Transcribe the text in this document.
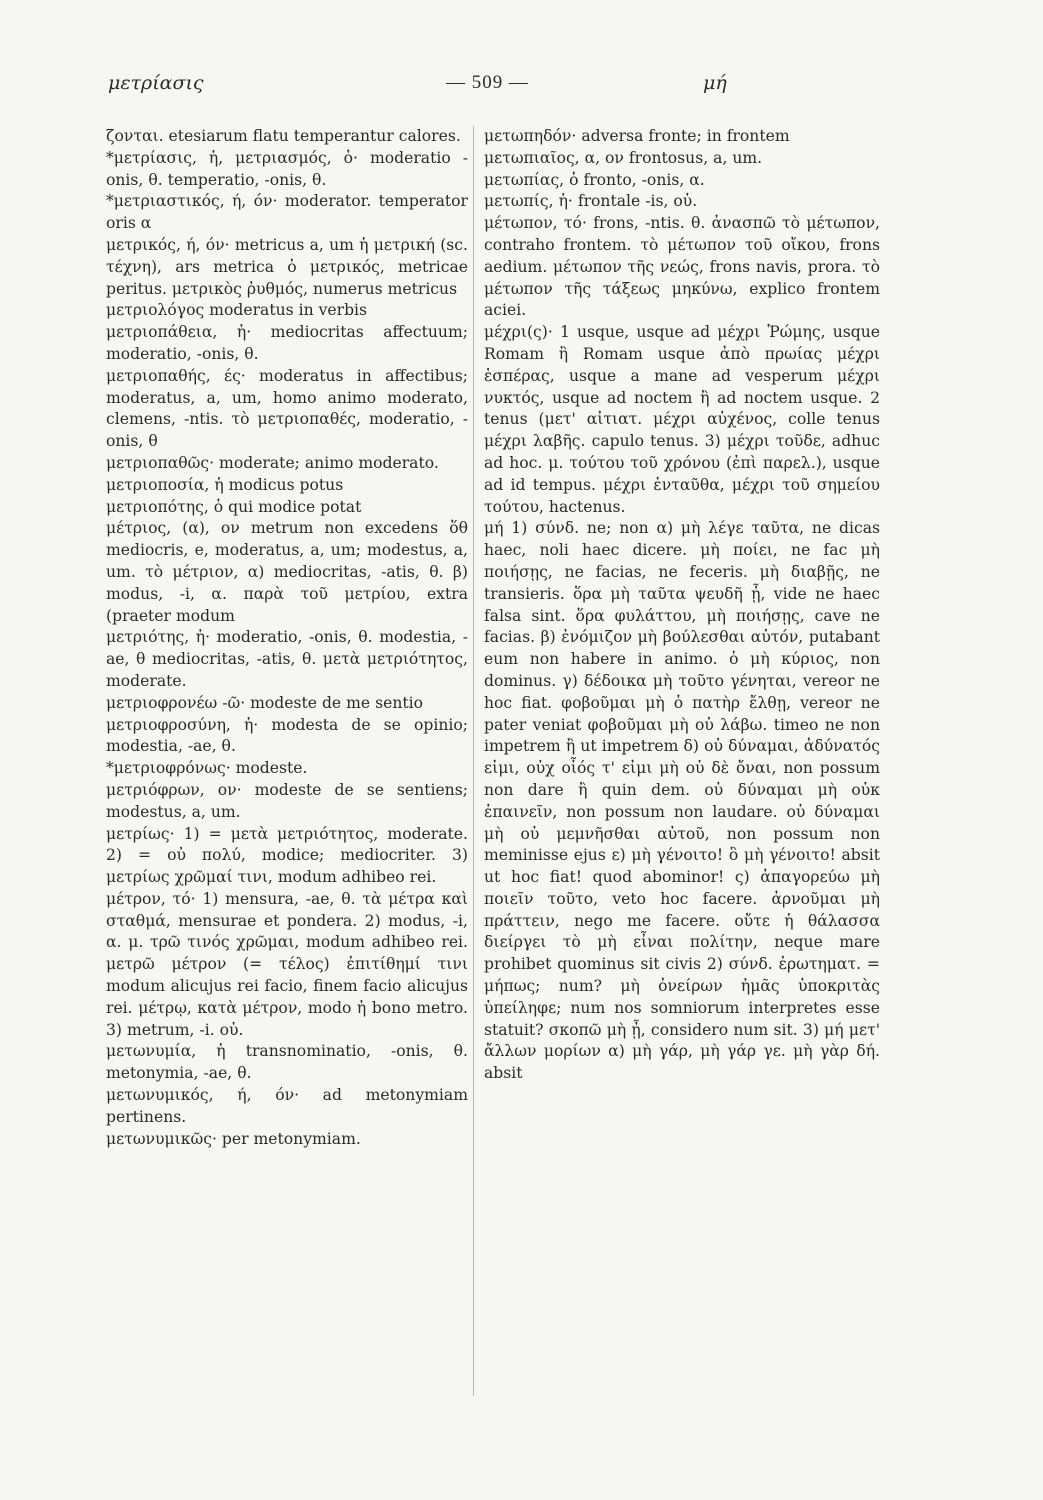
μετρίασις	— 509 —	μή

ζονται. etesiarum flatu temperantur calores.

*μετρίασις, ἡ, μετριασμός, ὁ· moderatio -onis, θ. temperatio, -onis, θ.

*μετριαστικός, ή, όν· moderator. temperator oris α

μετρικός, ή, όν· metricus a, um ἡ μετρική (sc. τέχνη), ars metrica ὁ μετρικός, metricae peritus. μετρικὸς ῥυθμός, numerus metricus

μετριολόγος moderatus in verbis

μετριοπάθεια, ἡ· mediocritas affectuum; moderatio, -onis, θ.

μετριοπαθής, ές· moderatus in affectibus; moderatus, a, um, homo animo moderato, clemens, -ntis. τὸ μετριοπαθές, moderatio, -onis, θ

μετριοπαθῶς· moderate; animo moderato.

μετριοποσία, ἡ modicus potus

μετριοπότης, ὁ qui modice potat

μέτριος, (α), ον metrum non excedens ὅθ mediocris, e, moderatus, a, um; modestus, a, um. τὸ μέτριον, α) mediocritas, -atis, θ. β) modus, -i, α. παρὰ τοῦ μετρίου, extra (praeter modum

μετριότης, ἡ· moderatio, -onis, θ. modestia, -ae, θ mediocritas, -atis, θ. μετὰ μετριότητος, moderate.

μετριοφρονέω -ῶ· modeste de me sentio

μετριοφροσύνη, ἡ· modesta de se opinio; modestia, -ae, θ.

*μετριοφρόνως· modeste.

μετριόφρων, ον· modeste de se sentiens; modestus, a, um.

μετρίως· 1) = μετὰ μετριότητος, moderate. 2) = οὐ πολύ, modice; mediocriter. 3) μετρίως χρῶμαί τινι, modum adhibeo rei.

μέτρον, τό· 1) mensura, -ae, θ. τὰ μέτρα καὶ σταθμά, mensurae et pondera. 2) modus, -i, α. μ. τρῶ τινός χρῶμαι, modum adhibeo rei. μετρῶ μέτρον (= τέλος) ἐπιτίθημί τινι modum alicujus rei facio, finem facio alicujus rei. μέτρῳ, κατὰ μέτρον, modo ἡ bono metro. 3) metrum, -i. οὐ.

μετωνυμία, ἡ transnominatio, -onis, θ. metonymia, -ae, θ.

μετωνυμικός, ή, όν· ad metonymiam pertinens.

μετωνυμικῶς· per metonymiam.

μετωπηδόν· adversa fronte; in frontem

μετωπιαῖος, α, ον frontosus, a, um.

μετωπίας, ὁ fronto, -onis, α.

μετωπίς, ἡ· frontale -is, οὐ.

μέτωπον, τό· frons, -ntis. θ. ἀνασπῶ τὸ μέτωπον, contraho frontem. τὸ μέτωπον τοῦ οἴκου, frons aedium. μέτωπον τῆς νεώς, frons navis, prora. τὸ μέτωπον τῆς τάξεως μηκύνω, explico frontem aciei.

μέχρι(ς)· 1 usque, usque ad μέχρι Ῥώμης, usque Romam ἢ Romam usque ἀπὸ πρωίας μέχρι ἑσπέρας, usque a mane ad vesperum μέχρι νυκτός, usque ad noctem ἢ ad noctem usque. 2 tenus (μετ' αἰτιατ. μέχρι αὐχένος, colle tenus μέχρι λαβῆς. capulo tenus. 3) μέχρι τοῦδε, adhuc ad hoc. μ. τούτου τοῦ χρόνου (ἐπὶ παρελ.), usque ad id tempus. μέχρι ἐνταῦθα, μέχρι τοῦ σημείου τούτου, hactenus.

μή 1) σύνδ. ne; non α) μὴ λέγε ταῦτα, ne dicas haec, noli haec dicere. μὴ ποίει, ne fac μὴ ποιήσῃς, ne facias, ne feceris. μὴ διαβῇς, ne transieris. ὅρα μὴ ταῦτα ψευδῆ ᾖ, vide ne haec falsa sint. ὅρα φυλάττου, μὴ ποιήσῃς, cave ne facias. β) ἐνόμιζον μὴ βούλεσθαι αὐτόν, putabant eum non habere in animo. ὁ μὴ κύριος, non dominus. γ) δέδοικα μὴ τοῦτο γένηται, vereor ne hoc fiat. φοβοῦμαι μὴ ὁ πατὴρ ἔλθῃ, vereor ne pater veniat φοβοῦμαι μὴ οὐ λάβω. timeo ne non impetrem ἢ ut impetrem δ) οὐ δύναμαι, ἀδύνατός εἰμι, οὐχ οἷός τ' εἰμι μὴ οὐ δὲ ὄναι, non possum non dare ἢ quin dem. οὐ δύναμαι μὴ οὐκ ἐπαινεῖν, non possum non laudare. οὐ δύναμαι μὴ οὐ μεμνῆσθαι αὐτοῦ, non possum non meminisse ejus ε) μὴ γένοιτο! ὃ μὴ γένοιτο! absit ut hoc fiat! quod abominor! ς) ἀπαγορεύω μὴ ποιεῖν τοῦτο, veto hoc facere. ἀρνοῦμαι μὴ πράττειν, nego me facere. οὔτε ἡ θάλασσα διείργει τὸ μὴ εἶναι πολίτην, neque mare prohibet quominus sit civis 2) σύνδ. ἐρωτηματ. = μήπως; num? μὴ ὀνείρων ἡμᾶς ὑποκριτὰς ὑπείληφε; num nos somniorum interpretes esse statuit? σκοπῶ μὴ ᾖ, considero num sit. 3) μή μετ' ἄλλων μορίων α) μὴ γάρ, μὴ γάρ γε. μὴ γὰρ δή. absit
